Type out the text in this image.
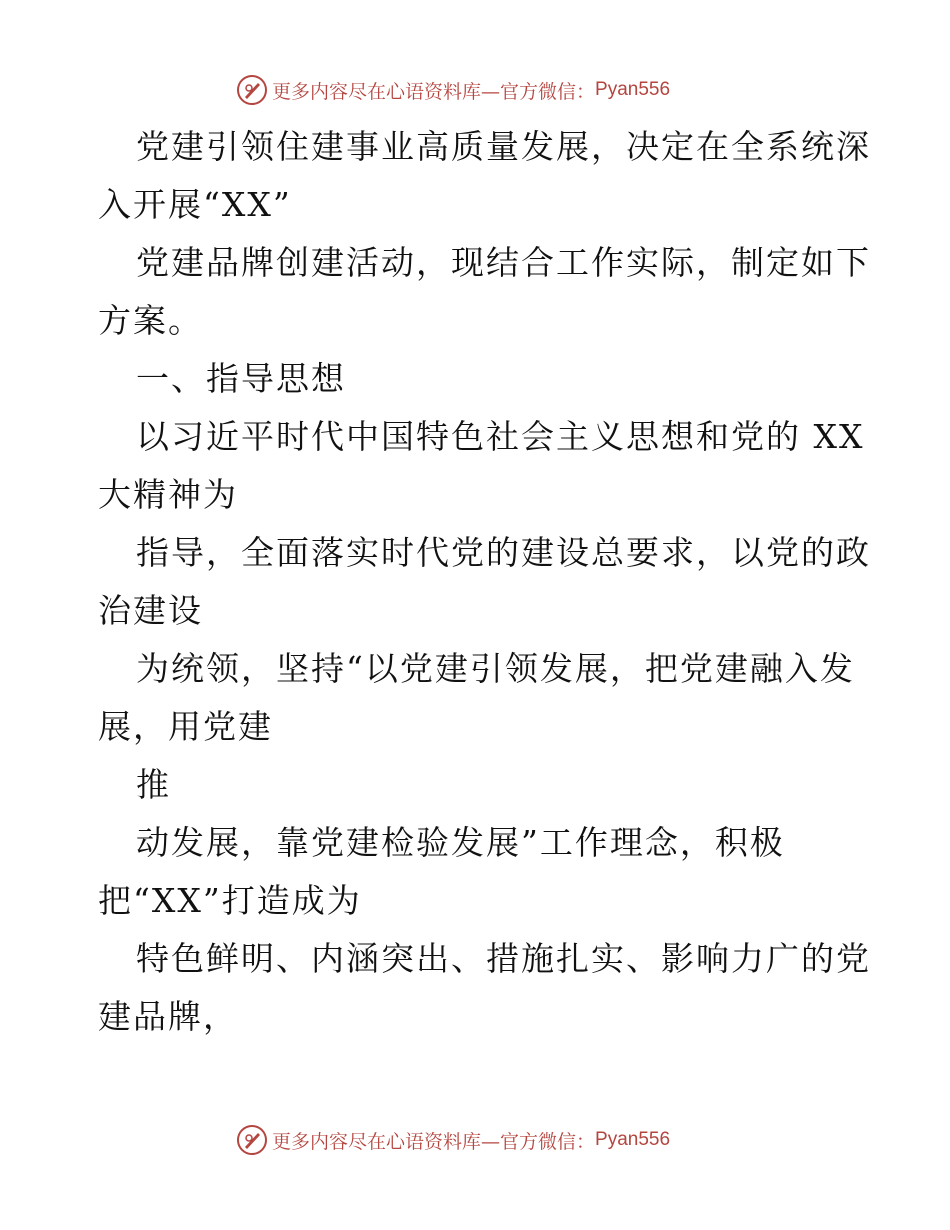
更多内容尽在心语资料库—官方微信： Pyan556
党建引领住建事业高质量发展，决定在全系统深
入开展“XX”
党建品牌创建活动，现结合工作实际，制定如下
方案。
一、指导思想
以习近平时代中国特色社会主义思想和党的 XX
大精神为
指导，全面落实时代党的建设总要求，以党的政
治建设
为统领，坚持“以党建引领发展，把党建融入发
展，用党建
推
动发展，靠党建检验发展”工作理念，积极
把“XX”打造成为
特色鲜明、内涵突出、措施扎实、影响力广的党
建品牌，
更多内容尽在心语资料库—官方微信： Pyan556
